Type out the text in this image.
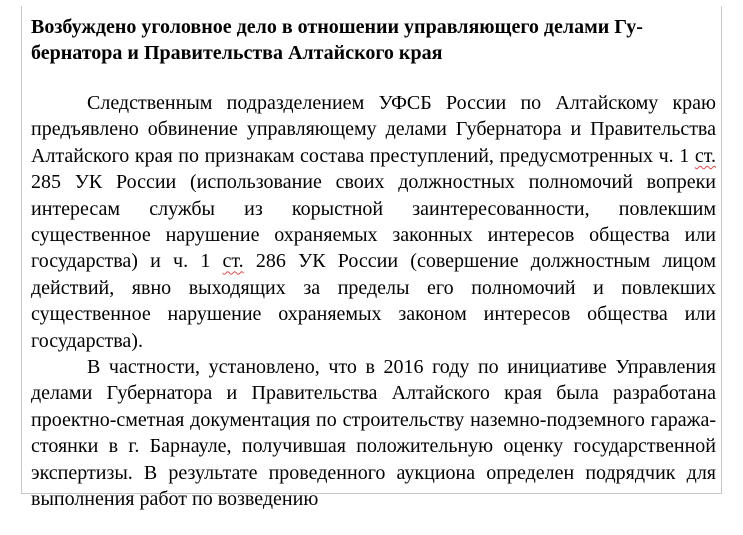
Возбуждено уголовное дело в отношении управляющего делами Гу-
бернатора и Правительства Алтайского края

Следственным подразделением УФСБ России по Алтайскому краю предъявлено обвинение управляющему делами Губернатора и Правительства Алтайского края по признакам состава преступлений, предусмотренных ч. 1 ст. 285 УК России (использование своих должностных полномочий вопреки интересам службы из корыстной заинтересованности, повлекшим существенное нарушение охраняемых законных интересов общества или государства) и ч. 1 ст. 286 УК России (совершение должностным лицом действий, явно выходящих за пределы его полномочий и повлекших существенное нарушение охраняемых законом интересов общества или государства).

В частности, установлено, что в 2016 году по инициативе Управления делами Губернатора и Правительства Алтайского края была разработана проектно-сметная документация по строительству наземно-подземного гаража-стоянки в г. Барнауле, получившая положительную оценку государственной экспертизы. В результате проведенного аукциона определен подрядчик для выполнения работ по возведению
